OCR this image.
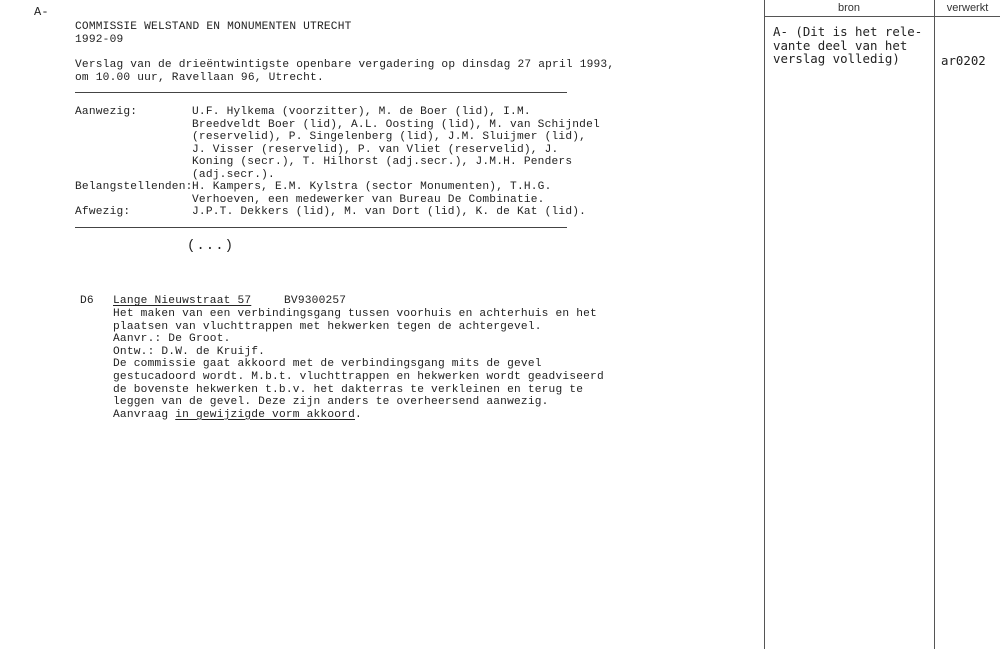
A-
COMMISSIE WELSTAND EN MONUMENTEN UTRECHT
1992-09
Verslag van de drieëntwintigste openbare vergadering op dinsdag 27 april 1993,
om 10.00 uur, Ravellaan 96, Utrecht.
Aanwezig:	U.F. Hylkema (voorzitter), M. de Boer (lid), I.M.
Breedveldt Boer (lid), A.L. Oosting (lid), M. van Schijndel
(reservelid), P. Singelenberg (lid), J.M. Sluijmer (lid),
J. Visser (reservelid), P. van Vliet (reservelid), J.
Koning (secr.), T. Hilhorst (adj.secr.), J.M.H. Penders
(adj.secr.).
Belangstellenden: H. Kampers, E.M. Kylstra (sector Monumenten), T.H.G.
Verhoeven, een medewerker van Bureau De Combinatie.
Afwezig:	J.P.T. Dekkers (lid), M. van Dort (lid), K. de Kat (lid).
(...)
D6 Lange Nieuwstraat 57	BV9300257
Het maken van een verbindingsgang tussen voorhuis en achterhuis en het
plaatsen van vluchttrappen met hekwerken tegen de achtergevel.
Aanvr.: De Groot.
Ontw.: D.W. de Kruijf.
De commissie gaat akkoord met de verbindingsgang mits de gevel
gestucadoord wordt. M.b.t. vluchttrappen en hekwerken wordt geadviseerd
de bovenste hekwerken t.b.v. het dakterras te verkleinen en terug te
leggen van de gevel. Deze zijn anders te overheersend aanwezig.
Aanvraag in gewijzigde vorm akkoord.
bron	verwerkt
A- (Dit is het rele-
vante deel van het
verslag volledig)	ar0202
